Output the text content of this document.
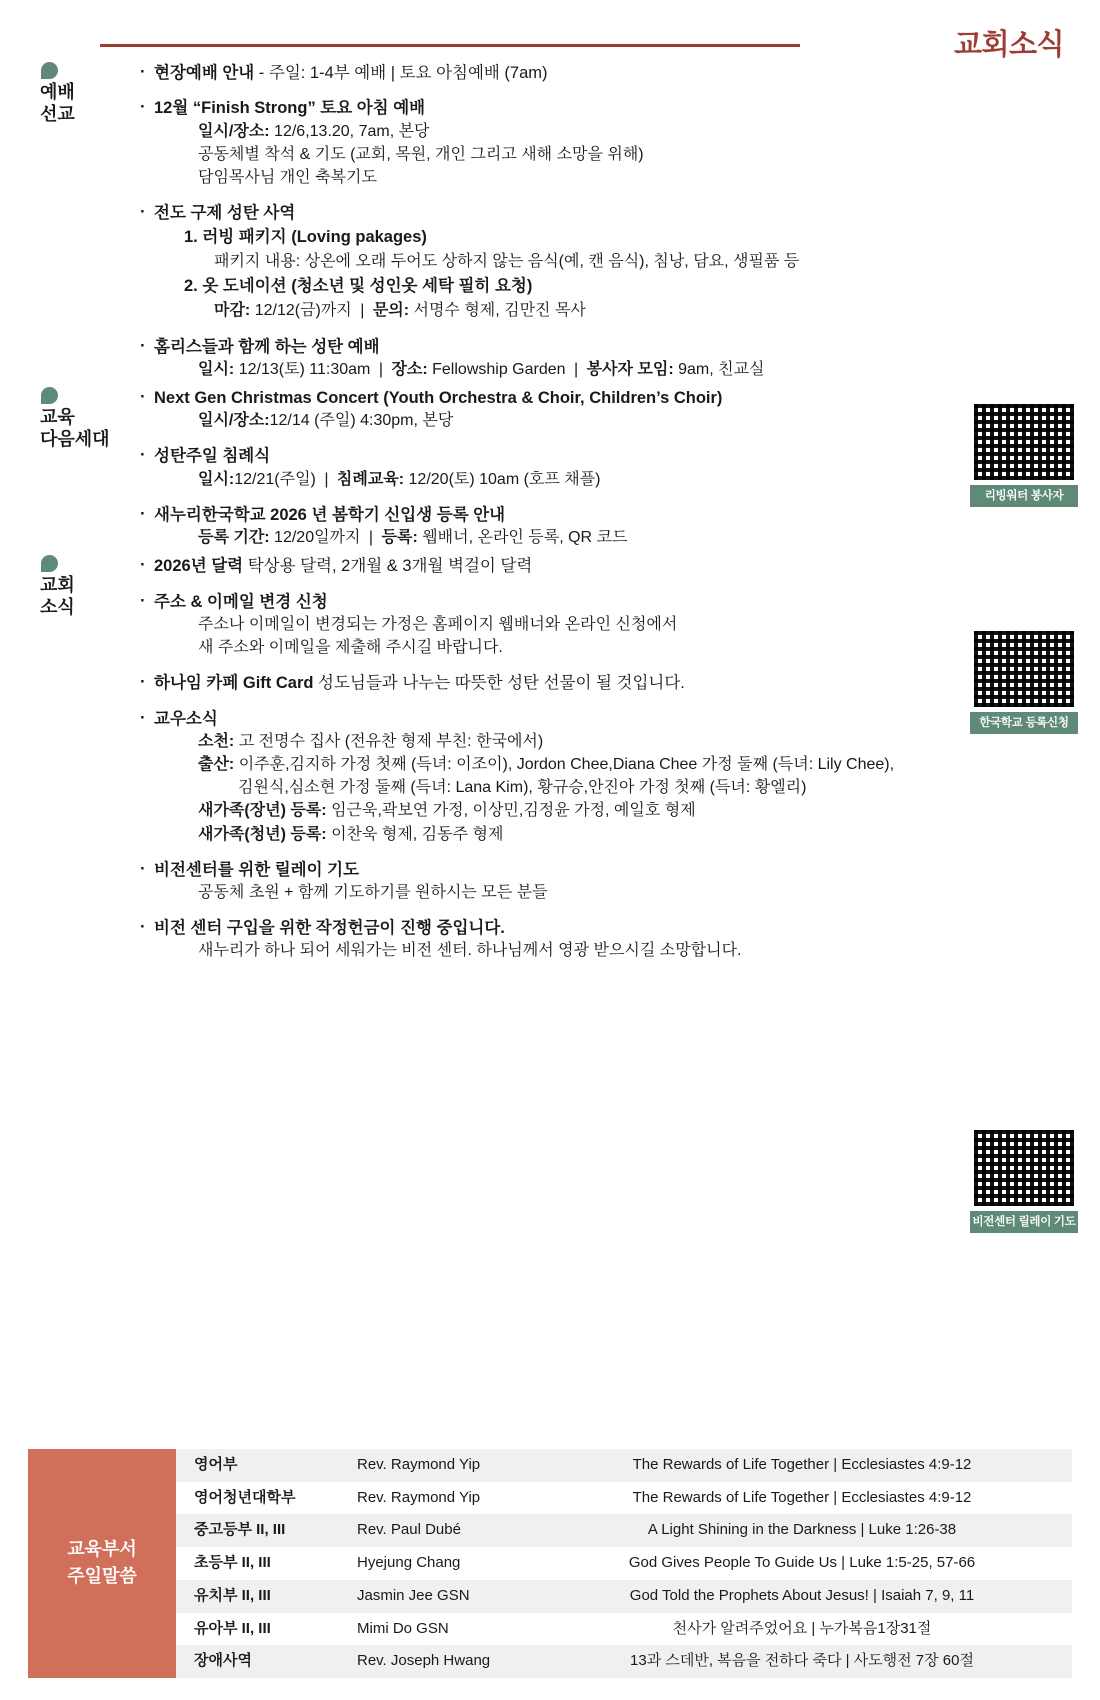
교회소식
예배
선교
· 현장예배 안내 - 주일: 1-4부 예배 | 토요 아침예배 (7am)
· 12월 “Finish Strong” 토요 아침 예배
일시/장소: 12/6,13.20, 7am, 본당
공동체별 착석 & 기도 (교회, 목원, 개인 그리고 새해 소망을 위해)
담임목사님 개인 축복기도
· 전도 구제 성탄 사역
1. 러빙 패키지 (Loving pakages)
패키지 내용: 상온에 오래 두어도 상하지 않는 음식(예, 캔 음식), 침낭, 담요, 생필품 등
2. 옷 도네이션 (청소년 및 성인옷 세탁 필히 요청)
마감: 12/12(금)까지 | 문의: 서명수 형제, 김만진 목사
· 홈리스들과 함께 하는 성탄 예배
일시: 12/13(토) 11:30am | 장소: Fellowship Garden | 봉사자 모임: 9am, 친교실
교육
다음세대
· Next Gen Christmas Concert (Youth Orchestra & Choir, Children’s Choir)
일시/장소:12/14 (주일) 4:30pm, 본당
· 성탄주일 침례식
일시:12/21(주일) | 침례교육: 12/20(토) 10am (호프 채플)
· 새누리한국학교 2026 년 봄학기 신입생 등록 안내
등록 기간: 12/20일까지 | 등록: 웹배너, 온라인 등록, QR 코드
교회
소식
· 2026년 달력 탁상용 달력, 2개월 & 3개월 벽걸이 달력
· 주소 & 이메일 변경 신청
주소나 이메일이 변경되는 가정은 홈페이지 웹배너와 온라인 신청에서
새 주소와 이메일을 제출해 주시길 바랍니다.
· 하나임 카페 Gift Card 성도님들과 나누는 따뜻한 성탄 선물이 될 것입니다.
· 교우소식
소천: 고 전명수 집사 (전유찬 형제 부친: 한국에서)
출산: 이주훈,김지하 가정 첫째 (득녀: 이조이), Jordon Chee,Diana Chee 가정 둘째 (득녀: Lily Chee),
김원식,심소현 가정 둘째 (득녀: Lana Kim), 황규승,안진아 가정 첫째 (득녀: 황엘리)
새가족(장년) 등록: 임근욱,곽보연 가정, 이상민,김정윤 가정, 예일호 형제
새가족(청년) 등록: 이찬욱 형제, 김동주 형제
· 비전센터를 위한 릴레이 기도
공동체 초원 + 함께 기도하기를 원하시는 모든 분들
· 비전 센터 구입을 위한 작정헌금이 진행 중입니다.
새누리가 하나 되어 세워가는 비전 센터. 하나님께서 영광 받으시길 소망합니다.
리빙워터 봉사자
한국학교 등록신청
비전센터 릴레이 기도
교육부서
주일말씀
영어부	Rev. Raymond Yip	The Rewards of Life Together | Ecclesiastes 4:9-12
영어청년대학부	Rev. Raymond Yip	The Rewards of Life Together | Ecclesiastes 4:9-12
중고등부 II, III	Rev. Paul Dubé	A Light Shining in the Darkness | Luke 1:26-38
초등부 II, III	Hyejung Chang	God Gives People To Guide Us | Luke 1:5-25, 57-66
유치부 II, III	Jasmin Jee GSN	God Told the Prophets About Jesus! | Isaiah 7, 9, 11
유아부 II, III	Mimi Do GSN	천사가 알려주었어요 | 누가복음1장31절
장애사역	Rev. Joseph Hwang	13과 스데반, 복음을 전하다 죽다 | 사도행전 7장 60절
